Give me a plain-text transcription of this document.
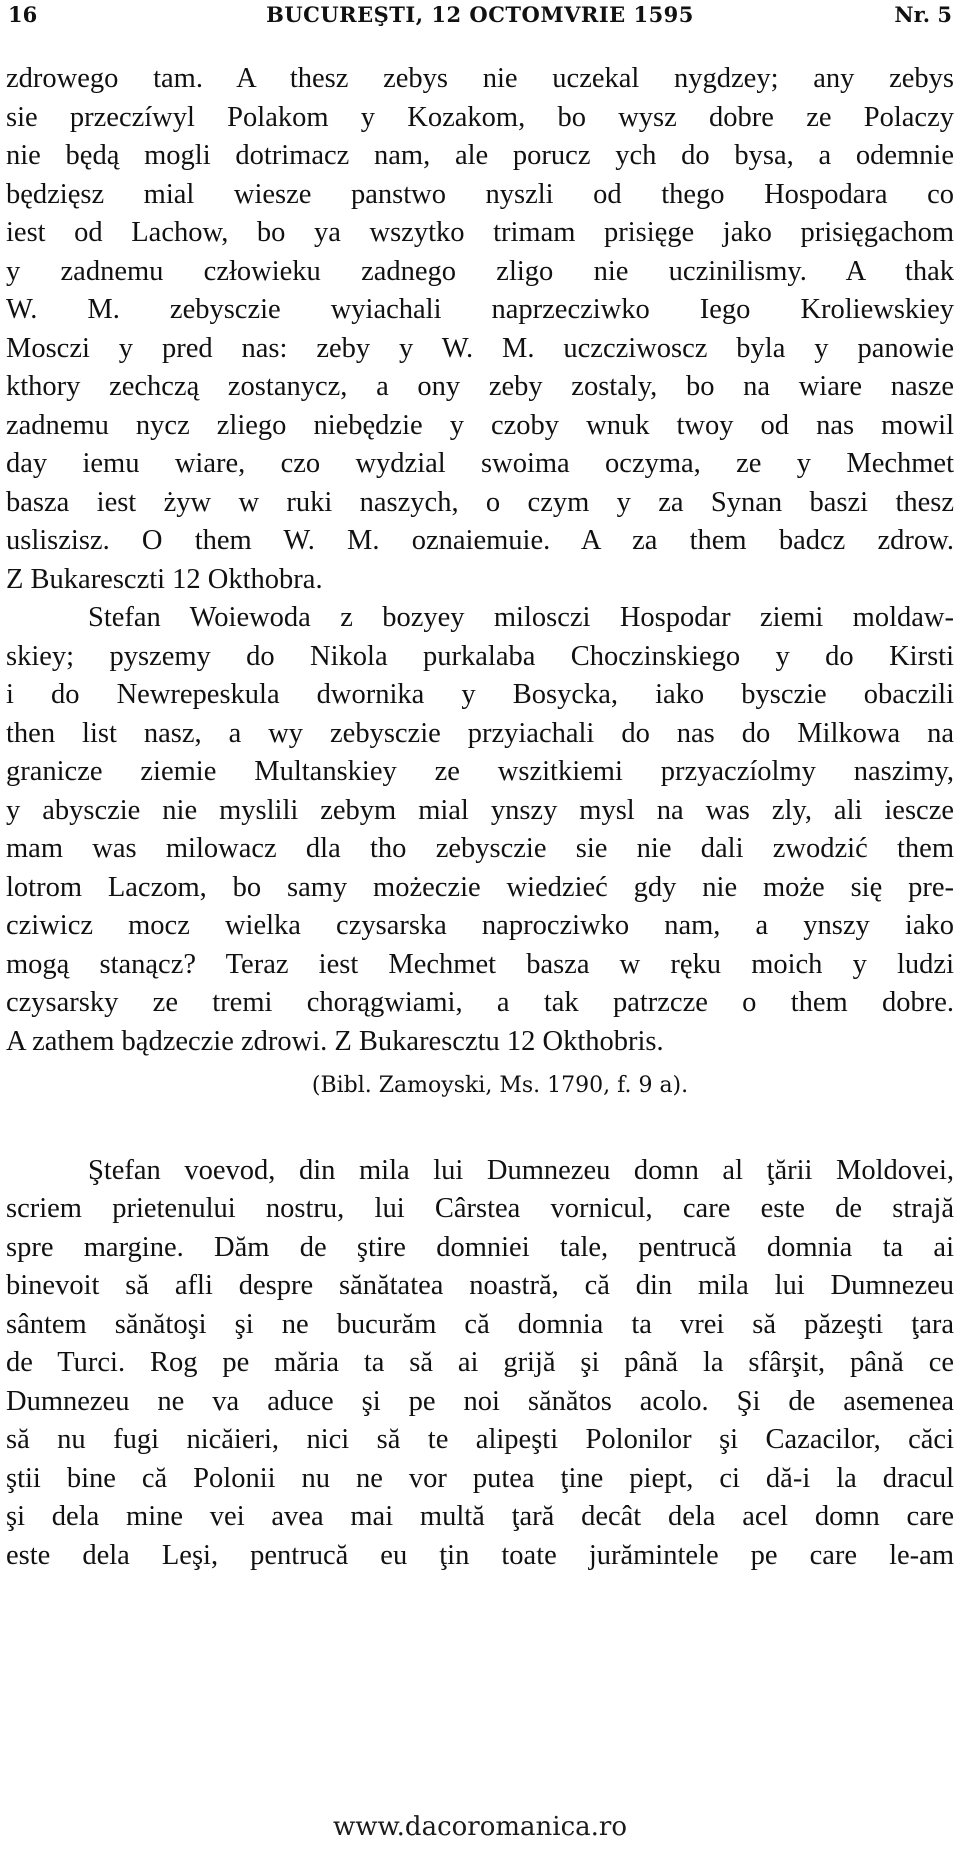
BUCUREŞTI, 12 OCTOMVRIE 1595
16	Nr. 5
zdrowego tam. A thesz zebys nie uczekal nygdzey; any zebys
sie przeczíwyl Polakom y Kozakom, bo wysz dobre ze Polaczy
nie będą mogli dotrimacz nam, ale porucz ych do bysa, a odemnie
będzięsz mial wiesze panstwo nyszli od thego Hospodara co
iest od Lachow, bo ya wszytko trimam prisięge jako prisięgachom
y zadnemu człowieku zadnego zligo nie uczinilismy. A thak
W. M. zebysczie wyiachali naprzecziwko Iego Kroliewskiey
Mosczi y pred nas: zeby y W. M. uczcziwoscz byla y panowie
kthory zechczą zostanycz, a ony zeby zostaly, bo na wiare nasze
zadnemu nycz zliego niebędzie y czoby wnuk twoy od nas mowil
day iemu wiare, czo wydzial swoima oczyma, ze y Mechmet
basza iest żyw w ruki naszych, o czym y za Synan baszi thesz
usliszisz. O them W. M. oznaiemuie. A za them badcz zdrow.
Z Bukaresczti 12 Okthobra.
Stefan Woiewoda z bozyey milosczi Hospodar ziemi moldaw-
skiey; pyszemy do Nikola purkalaba Choczinskiego y do Kirsti
i do Newrepeskula dwornika y Bosycka, iako bysczie obaczili
then list nasz, a wy zebysczie przyiachali do nas do Milkowa na
granicze ziemie Multanskiey ze wszitkiemi przyaczíolmy naszimy,
y abysczie nie myslili zebym mial ynszy mysl na was zly, ali iescze
mam was milowacz dla tho zebysczie sie nie dali zwodzić them
lotrom Laczom, bo samy możeczie wiedzieć gdy nie może się pre-
cziwicz mocz wielka czysarska naprocziwko nam, a ynszy iako
mogą stanącz? Teraz iest Mechmet basza w ręku moich y ludzi
czysarsky ze tremi chorągwiami, a tak patrzcze o them dobre.
A zathem bądzeczie zdrowi. Z Bukarescztu 12 Okthobris.
(Bibl. Zamoyski, Ms. 1790, f. 9 a).
Ştefan voevod, din mila lui Dumnezeu domn al ţării Moldovei,
scriem prietenului nostru, lui Cârstea vornicul, care este de strajă
spre margine. Dăm de ştire domniei tale, pentrucă domnia ta ai
binevoit să afli despre sănătatea noastră, că din mila lui Dumnezeu
sântem sănătoşi şi ne bucurăm că domnia ta vrei să păzeşti ţara
de Turci. Rog pe măria ta să ai grijă şi până la sfârşit, până ce
Dumnezeu ne va aduce şi pe noi sănătos acolo. Şi de asemenea
să nu fugi nicăieri, nici să te alipeşti Polonilor şi Cazacilor, căci
ştii bine că Polonii nu ne vor putea ţine piept, ci dă-i la dracul
şi dela mine vei avea mai multă ţară decât dela acel domn care
este dela Leşi, pentrucă eu ţin toate jurămintele pe care le-am
www.dacoromanica.ro
